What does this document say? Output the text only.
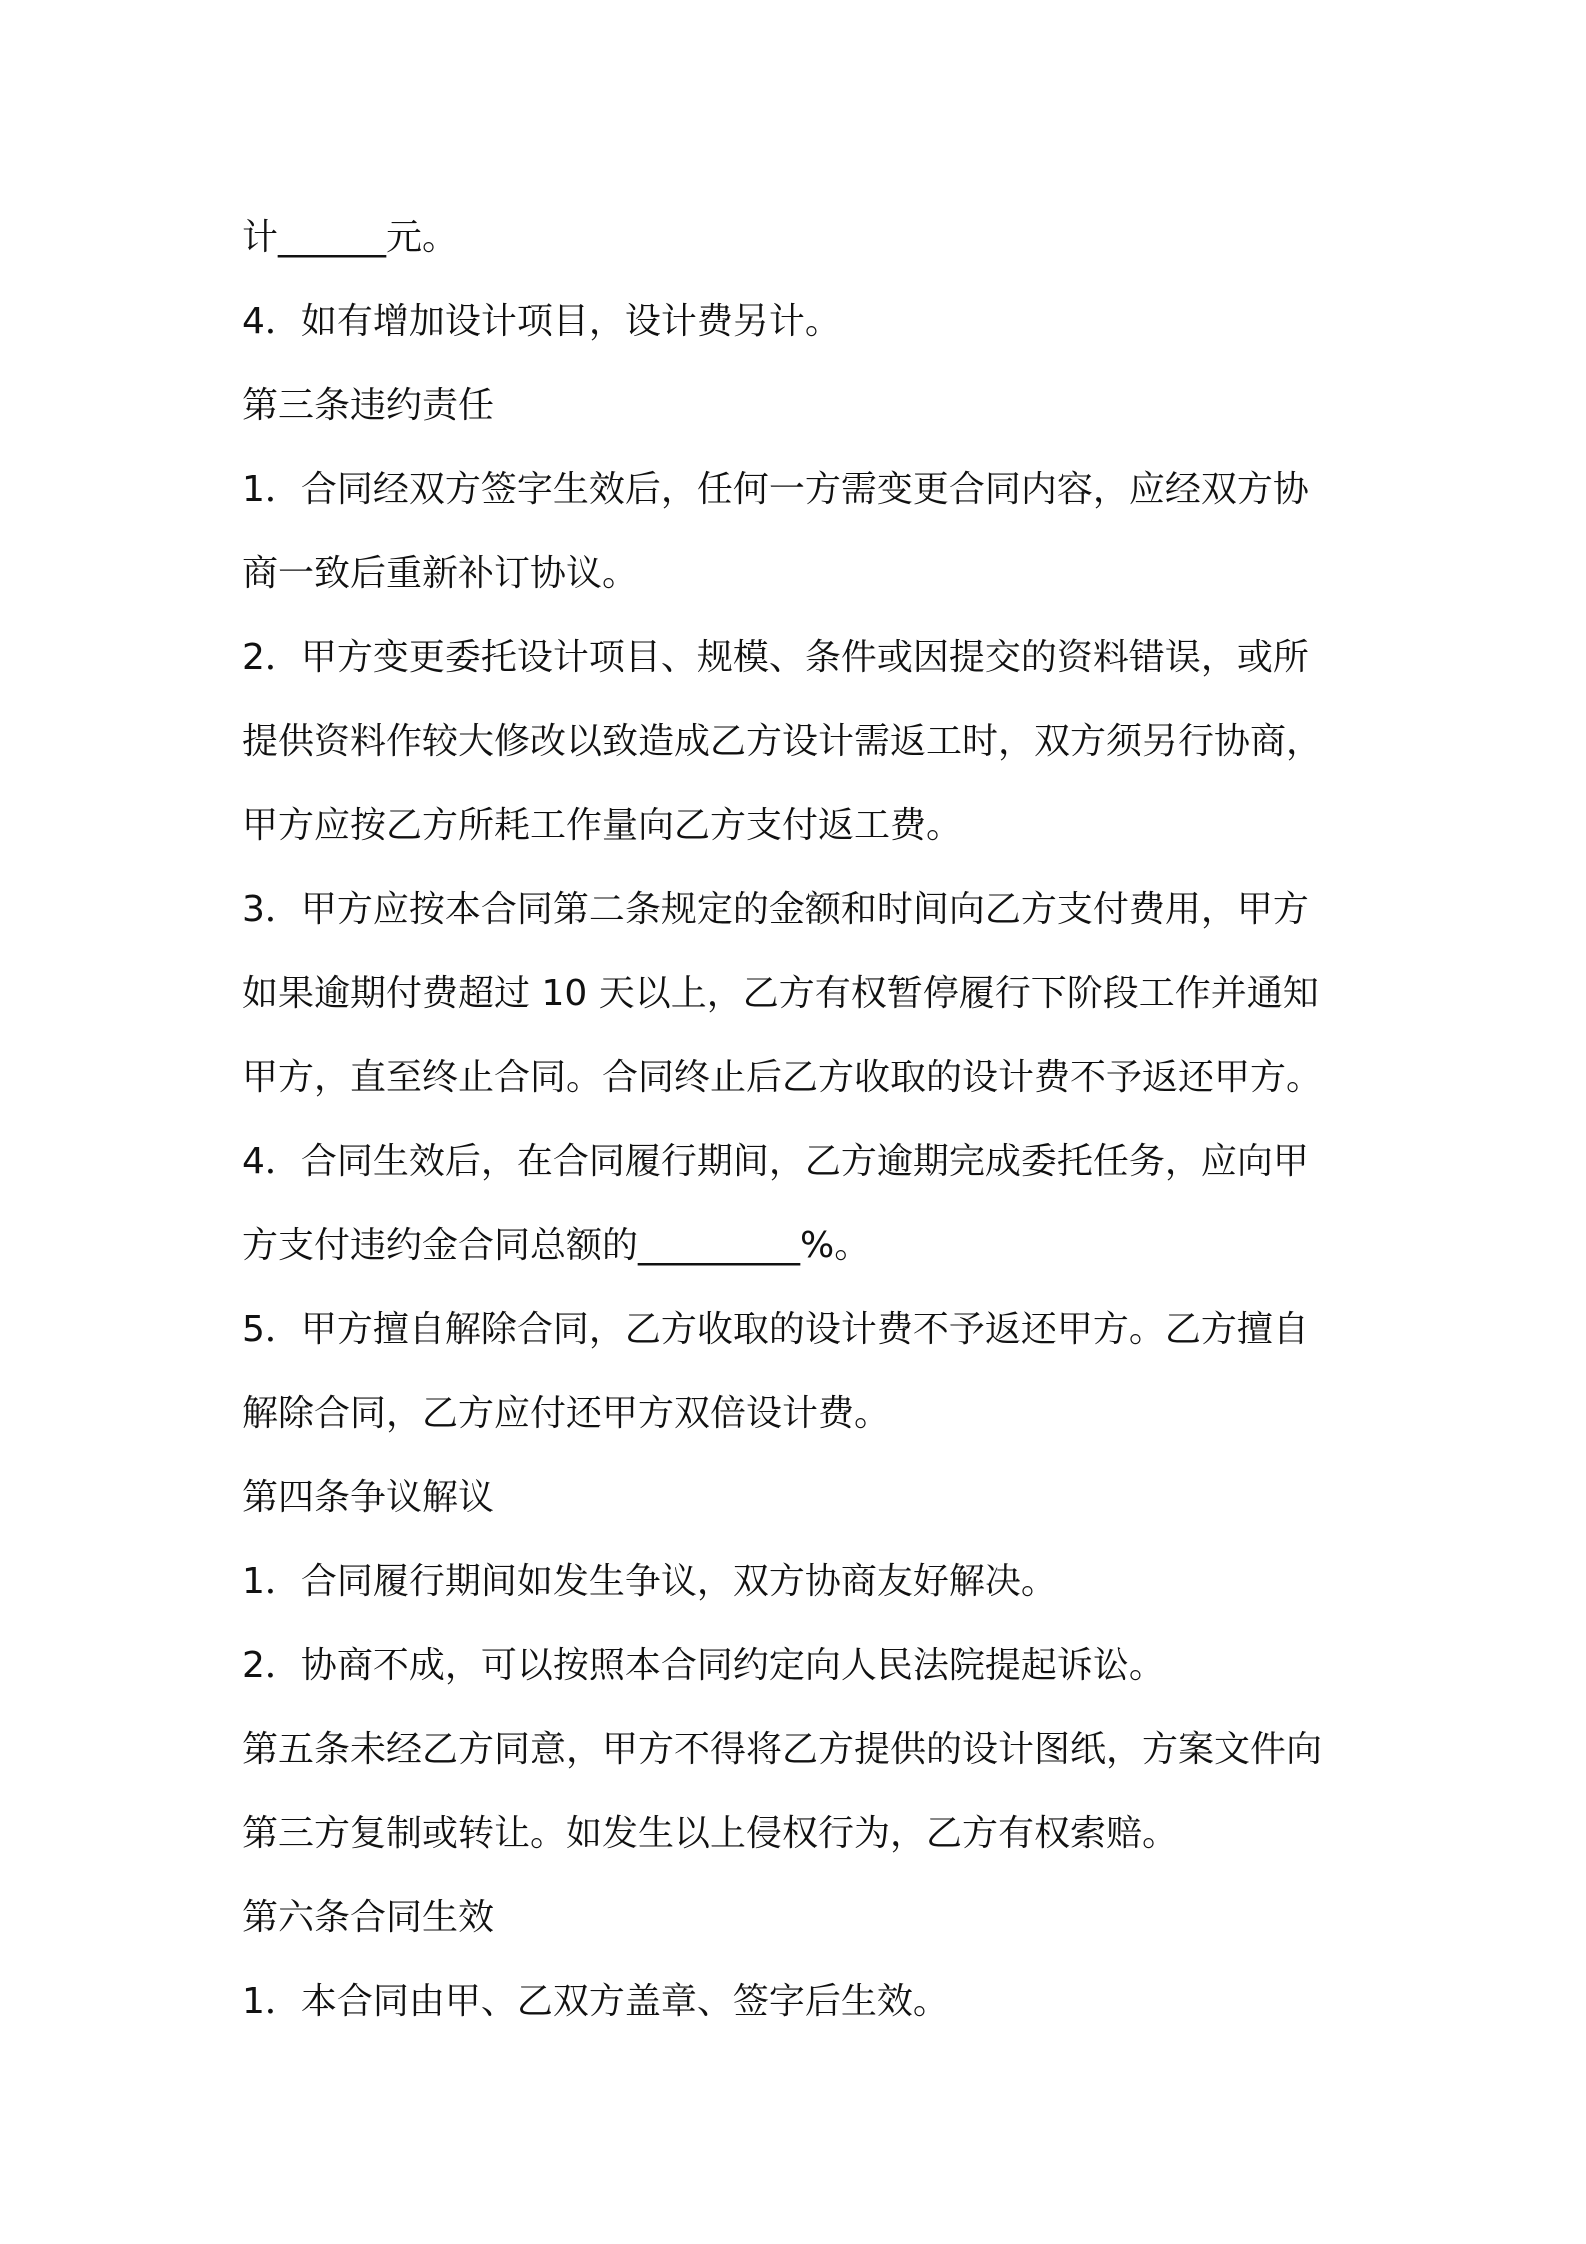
计______元。
4．如有增加设计项目，设计费另计。
第三条违约责任
1．合同经双方签字生效后，任何一方需变更合同内容，应经双方协
商一致后重新补订协议。
2．甲方变更委托设计项目、规模、条件或因提交的资料错误，或所
提供资料作较大修改以致造成乙方设计需返工时，双方须另行协商，
甲方应按乙方所耗工作量向乙方支付返工费。
3．甲方应按本合同第二条规定的金额和时间向乙方支付费用，甲方
如果逾期付费超过 10 天以上，乙方有权暂停履行下阶段工作并通知
甲方，直至终止合同。合同终止后乙方收取的设计费不予返还甲方。
4．合同生效后，在合同履行期间，乙方逾期完成委托任务，应向甲
方支付违约金合同总额的_________%。
5．甲方擅自解除合同，乙方收取的设计费不予返还甲方。乙方擅自
解除合同，乙方应付还甲方双倍设计费。
第四条争议解议
1．合同履行期间如发生争议，双方协商友好解决。
2．协商不成，可以按照本合同约定向人民法院提起诉讼。
第五条未经乙方同意，甲方不得将乙方提供的设计图纸，方案文件向
第三方复制或转让。如发生以上侵权行为，乙方有权索赔。
第六条合同生效
1．本合同由甲、乙双方盖章、签字后生效。
